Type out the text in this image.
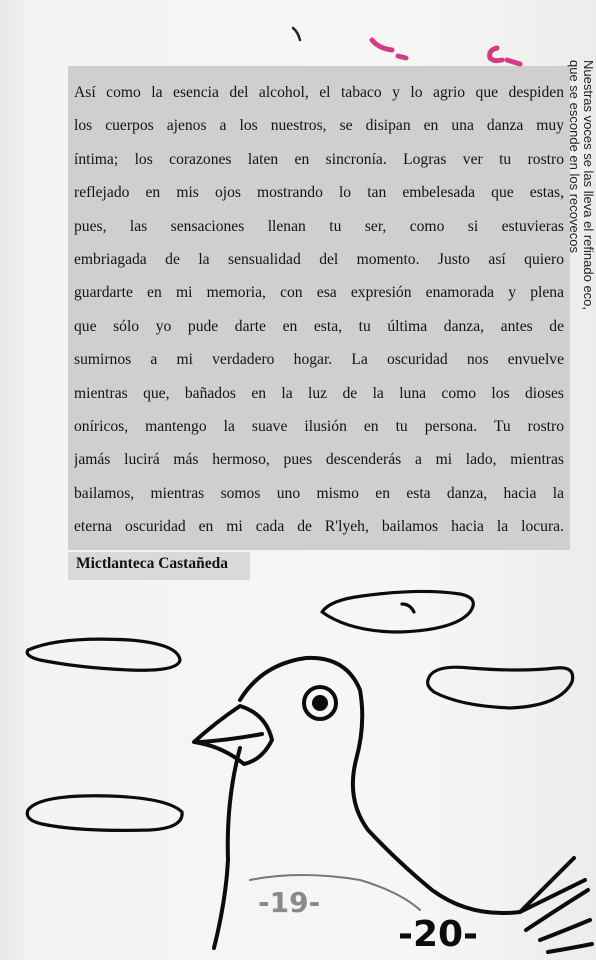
Así como la esencia del alcohol, el tabaco y lo agrio que despiden
los cuerpos ajenos a los nuestros, se disipan en una danza muy
íntima; los corazones laten en sincronía. Logras ver tu rostro
reflejado en mis ojos mostrando lo tan embelesada que estas,
pues, las sensaciones llenan tu ser, como si estuvieras
embriagada de la sensualidad del momento. Justo así quiero
guardarte en mi memoria, con esa expresión enamorada y plena
que sólo yo pude darte en esta, tu última danza, antes de
sumirnos a mi verdadero hogar. La oscuridad nos envuelve
mientras que, bañados en la luz de la luna como los dioses
oníricos, mantengo la suave ilusión en tu persona. Tu rostro
jamás lucirá más hermoso, pues descenderás a mi lado, mientras
bailamos, mientras somos uno mismo en esta danza, hacia la
eterna oscuridad en mi cada de R'lyeh, bailamos hacia la locura.
Mictlanteca Castañeda
Nuestras voces se las lleva el refinado eco,
que se esconde en los recovecos
-19-
-20-
